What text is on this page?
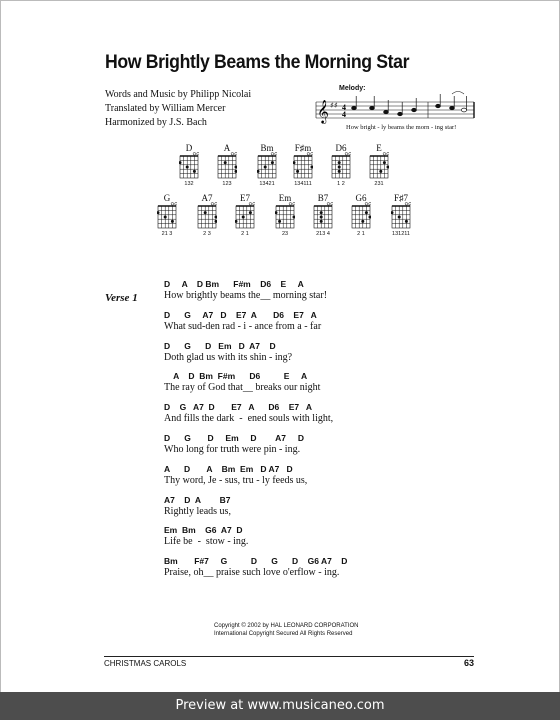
How Brightly Beams the Morning Star
Words and Music by Philipp Nicolai
Translated by William Mercer
Harmonized by J.S. Bach
Melody:
𝄞 ♯♯ 4
4
How bright - ly beams the morn - ing star!
Verse 1
D     A    D Bm      F#m    D6    E     A
How brightly beams the__ morning star!
D      G     A7   D    E7  A       D6    E7   A
What sud-den rad - i - ance from a - far
D      G      D   Em   D  A7    D
Doth glad us with its shin - ing?
A    D  Bm  F#m      D6          E     A
The ray of God that__ breaks our night
D    G   A7  D       E7   A      D6    E7   A
And fills the dark  -  ened souls with light,
D      G       D     Em     D        A7     D
Who long for truth were pin - ing.
A      D       A    Bm  Em   D A7   D
Thy word, Je - sus, tru - ly feeds us,
A7    D  A        B7
Rightly leads us,
Em  Bm    G6  A7  D
Life be  -  stow - ing.
Bm       F#7     G          D      G      D    G6 A7    D
Praise, oh__ praise such love o'erflow - ing.
Copyright © 2002 by HAL LEONARD CORPORATION
International Copyright Secured All Rights Reserved
CHRISTMAS CAROLS	63
Preview at www.musicaneo.com
D
132
A
123
Bm
13421
F♯m
134111
D6
1 2
E
231
G
21 3
A7
2 3
E7
2 1
Em
23
B7
213 4
G6
2 1
F♯7
131211
